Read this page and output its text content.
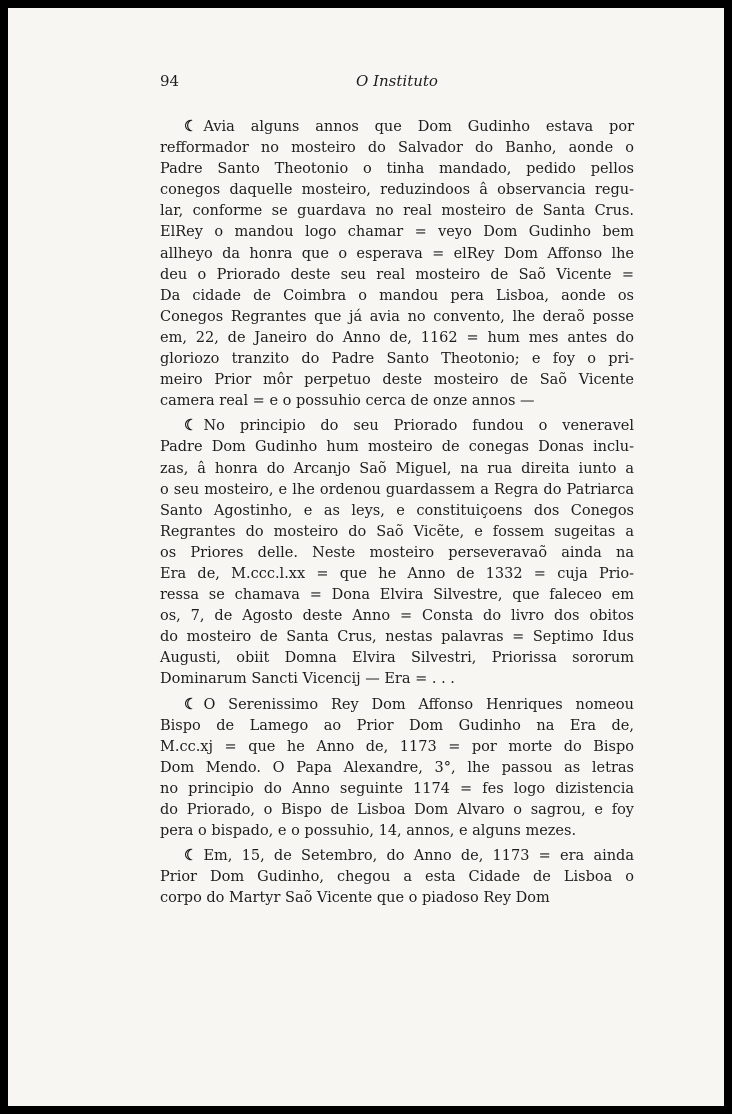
94	O Instituto
☾ Avia alguns annos que Dom Gudinho estava por
refformador no mosteiro do Salvador do Banho, aonde o
Padre Santo Theotonio o tinha mandado, pedido pellos
conegos daquelle mosteiro, reduzindoos â observancia regu-
lar, conforme se guardava no real mosteiro de Santa Crus.
ElRey o mandou logo chamar = veyo Dom Gudinho bem
allheyo da honra que o esperava = elRey Dom Affonso lhe
deu o Priorado deste seu real mosteiro de Saõ Vicente =
Da cidade de Coimbra o mandou pera Lisboa, aonde os
Conegos Regrantes que já avia no convento, lhe deraõ posse
em, 22, de Janeiro do Anno de, 1162 = hum mes antes do
gloriozo tranzito do Padre Santo Theotonio; e foy o pri-
meiro Prior môr perpetuo deste mosteiro de Saõ Vicente
camera real = e o possuhio cerca de onze annos —
☾ No principio do seu Priorado fundou o veneravel
Padre Dom Gudinho hum mosteiro de conegas Donas inclu-
zas, â honra do Arcanjo Saõ Miguel, na rua direita iunto a
o seu mosteiro, e lhe ordenou guardassem a Regra do Patriarca
Santo Agostinho, e as leys, e constituiçoens dos Conegos
Regrantes do mosteiro do Saõ Vicẽte, e fossem sugeitas a
os Priores delle. Neste mosteiro perseveravaõ ainda na
Era de, M.ccc.l.xx = que he Anno de 1332 = cuja Prio-
ressa se chamava = Dona Elvira Silvestre, que faleceo em
os, 7, de Agosto deste Anno = Consta do livro dos obitos
do mosteiro de Santa Crus, nestas palavras = Septimo Idus
Augusti, obiit Domna Elvira Silvestri, Priorissa sororum
Dominarum Sancti Vicencij — Era = . . .
☾ O Serenissimo Rey Dom Affonso Henriques nomeou
Bispo de Lamego ao Prior Dom Gudinho na Era de,
M.cc.xj = que he Anno de, 1173 = por morte do Bispo
Dom Mendo. O Papa Alexandre, 3°, lhe passou as letras
no principio do Anno seguinte 1174 = fes logo dizistencia
do Priorado, o Bispo de Lisboa Dom Alvaro o sagrou, e foy
pera o bispado, e o possuhio, 14, annos, e alguns mezes.
☾ Em, 15, de Setembro, do Anno de, 1173 = era ainda
Prior Dom Gudinho, chegou a esta Cidade de Lisboa o
corpo do Martyr Saõ Vicente que o piadoso Rey Dom
